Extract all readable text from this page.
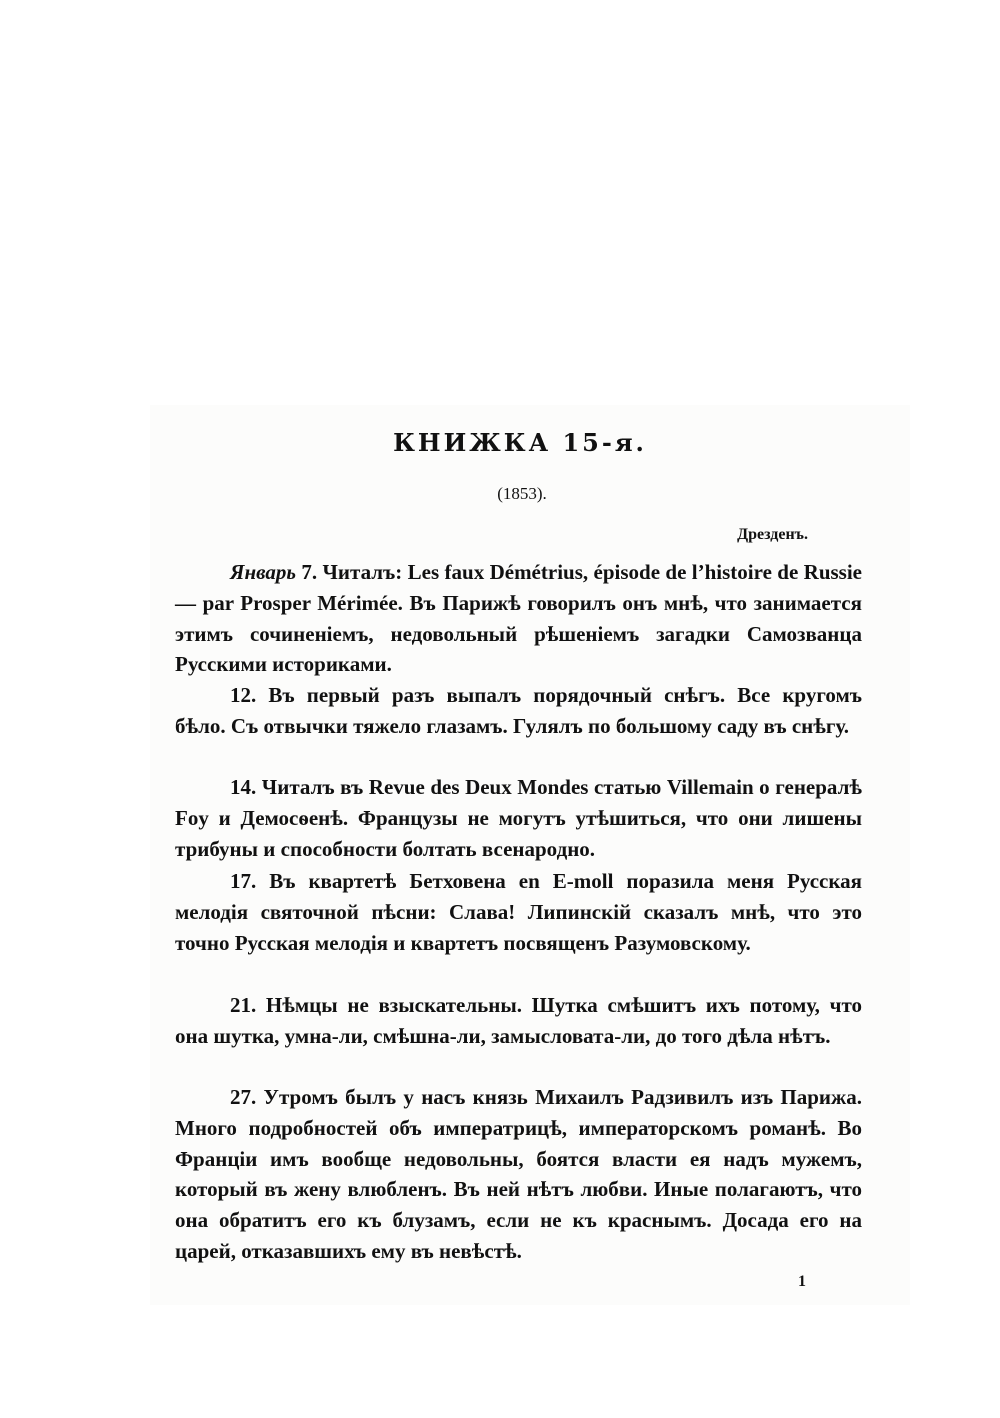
КНИЖКА 15-я.

(1853).

Дрезденъ.

Январь 7. Читалъ: Les faux Démétrius, épisode de l’histoire de Russie — par Prosper Mérimée. Въ Парижѣ говорилъ онъ мнѣ, что занимается этимъ сочиненіемъ, недовольный рѣшеніемъ загадки Самозванца Русскими историками.

12. Въ первый разъ выпалъ порядочный снѣгъ. Все кругомъ бѣло. Съ отвычки тяжело глазамъ. Гулялъ по большому саду въ снѣгу.

14. Читалъ въ Revue des Deux Mondes статью Villemain о генералѣ Foy и Демосѳенѣ. Французы не могутъ утѣшиться, что они лишены трибуны и способности болтать всенародно.

17. Въ квартетѣ Бетховена en E-moll поразила меня Русская мелодія святочной пѣсни: Слава! Липинскій сказалъ мнѣ, что это точно Русская мелодія и квартетъ посвященъ Разумовскому.

21. Нѣмцы не взыскательны. Шутка смѣшитъ ихъ потому, что она шутка, умна-ли, смѣшна-ли, замысловата-ли, до того дѣла нѣтъ.

27. Утромъ былъ у насъ князь Михаилъ Радзивилъ изъ Парижа. Много подробностей объ императрицѣ, императорскомъ романѣ. Во Франціи имъ вообще недовольны, боятся власти ея надъ мужемъ, который въ жену влюбленъ. Въ ней нѣтъ любви. Иные полагаютъ, что она обратитъ его къ блузамъ, если не къ краснымъ. Досада его на царей, отказавшихъ ему въ невѣстѣ.

1
